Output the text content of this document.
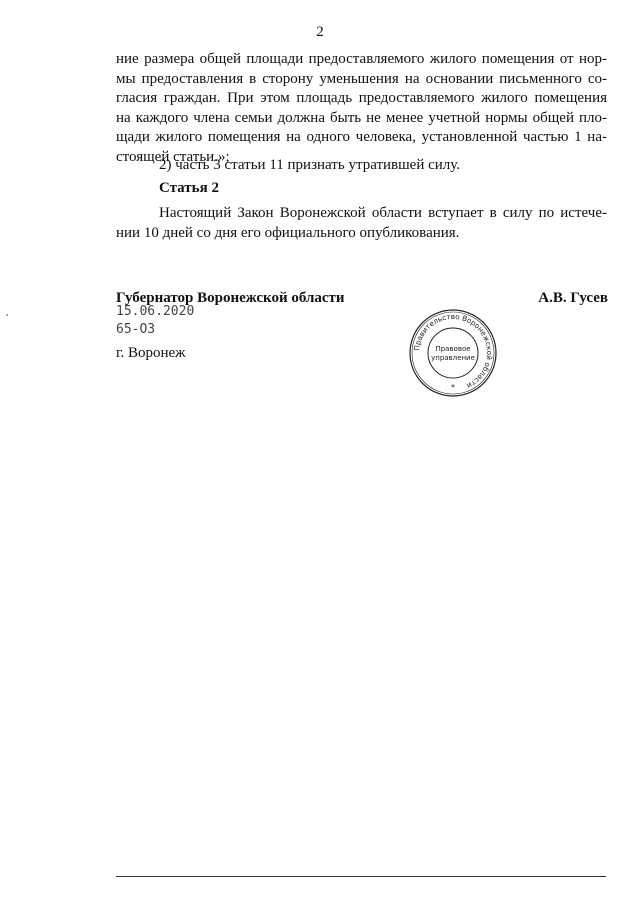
2
ние размера общей площади предоставляемого жилого помещения от нор-
мы предоставления в сторону уменьшения на основании письменного со-
гласия граждан. При этом площадь предоставляемого жилого помещения
на каждого члена семьи должна быть не менее учетной нормы общей пло-
щади жилого помещения на одного человека, установленной частью 1 на-
стоящей статьи.»;
2) часть 3 статьи 11 признать утратившей силу.
Статья 2
Настоящий Закон Воронежской области вступает в силу по истече-
нии 10 дней со дня его официального опубликования.
Губернатор Воронежской области	А.В. Гусев
15.06.2020
65-ОЗ
г. Воронеж	Правительство Воронежской области
Правовое
управление
*
